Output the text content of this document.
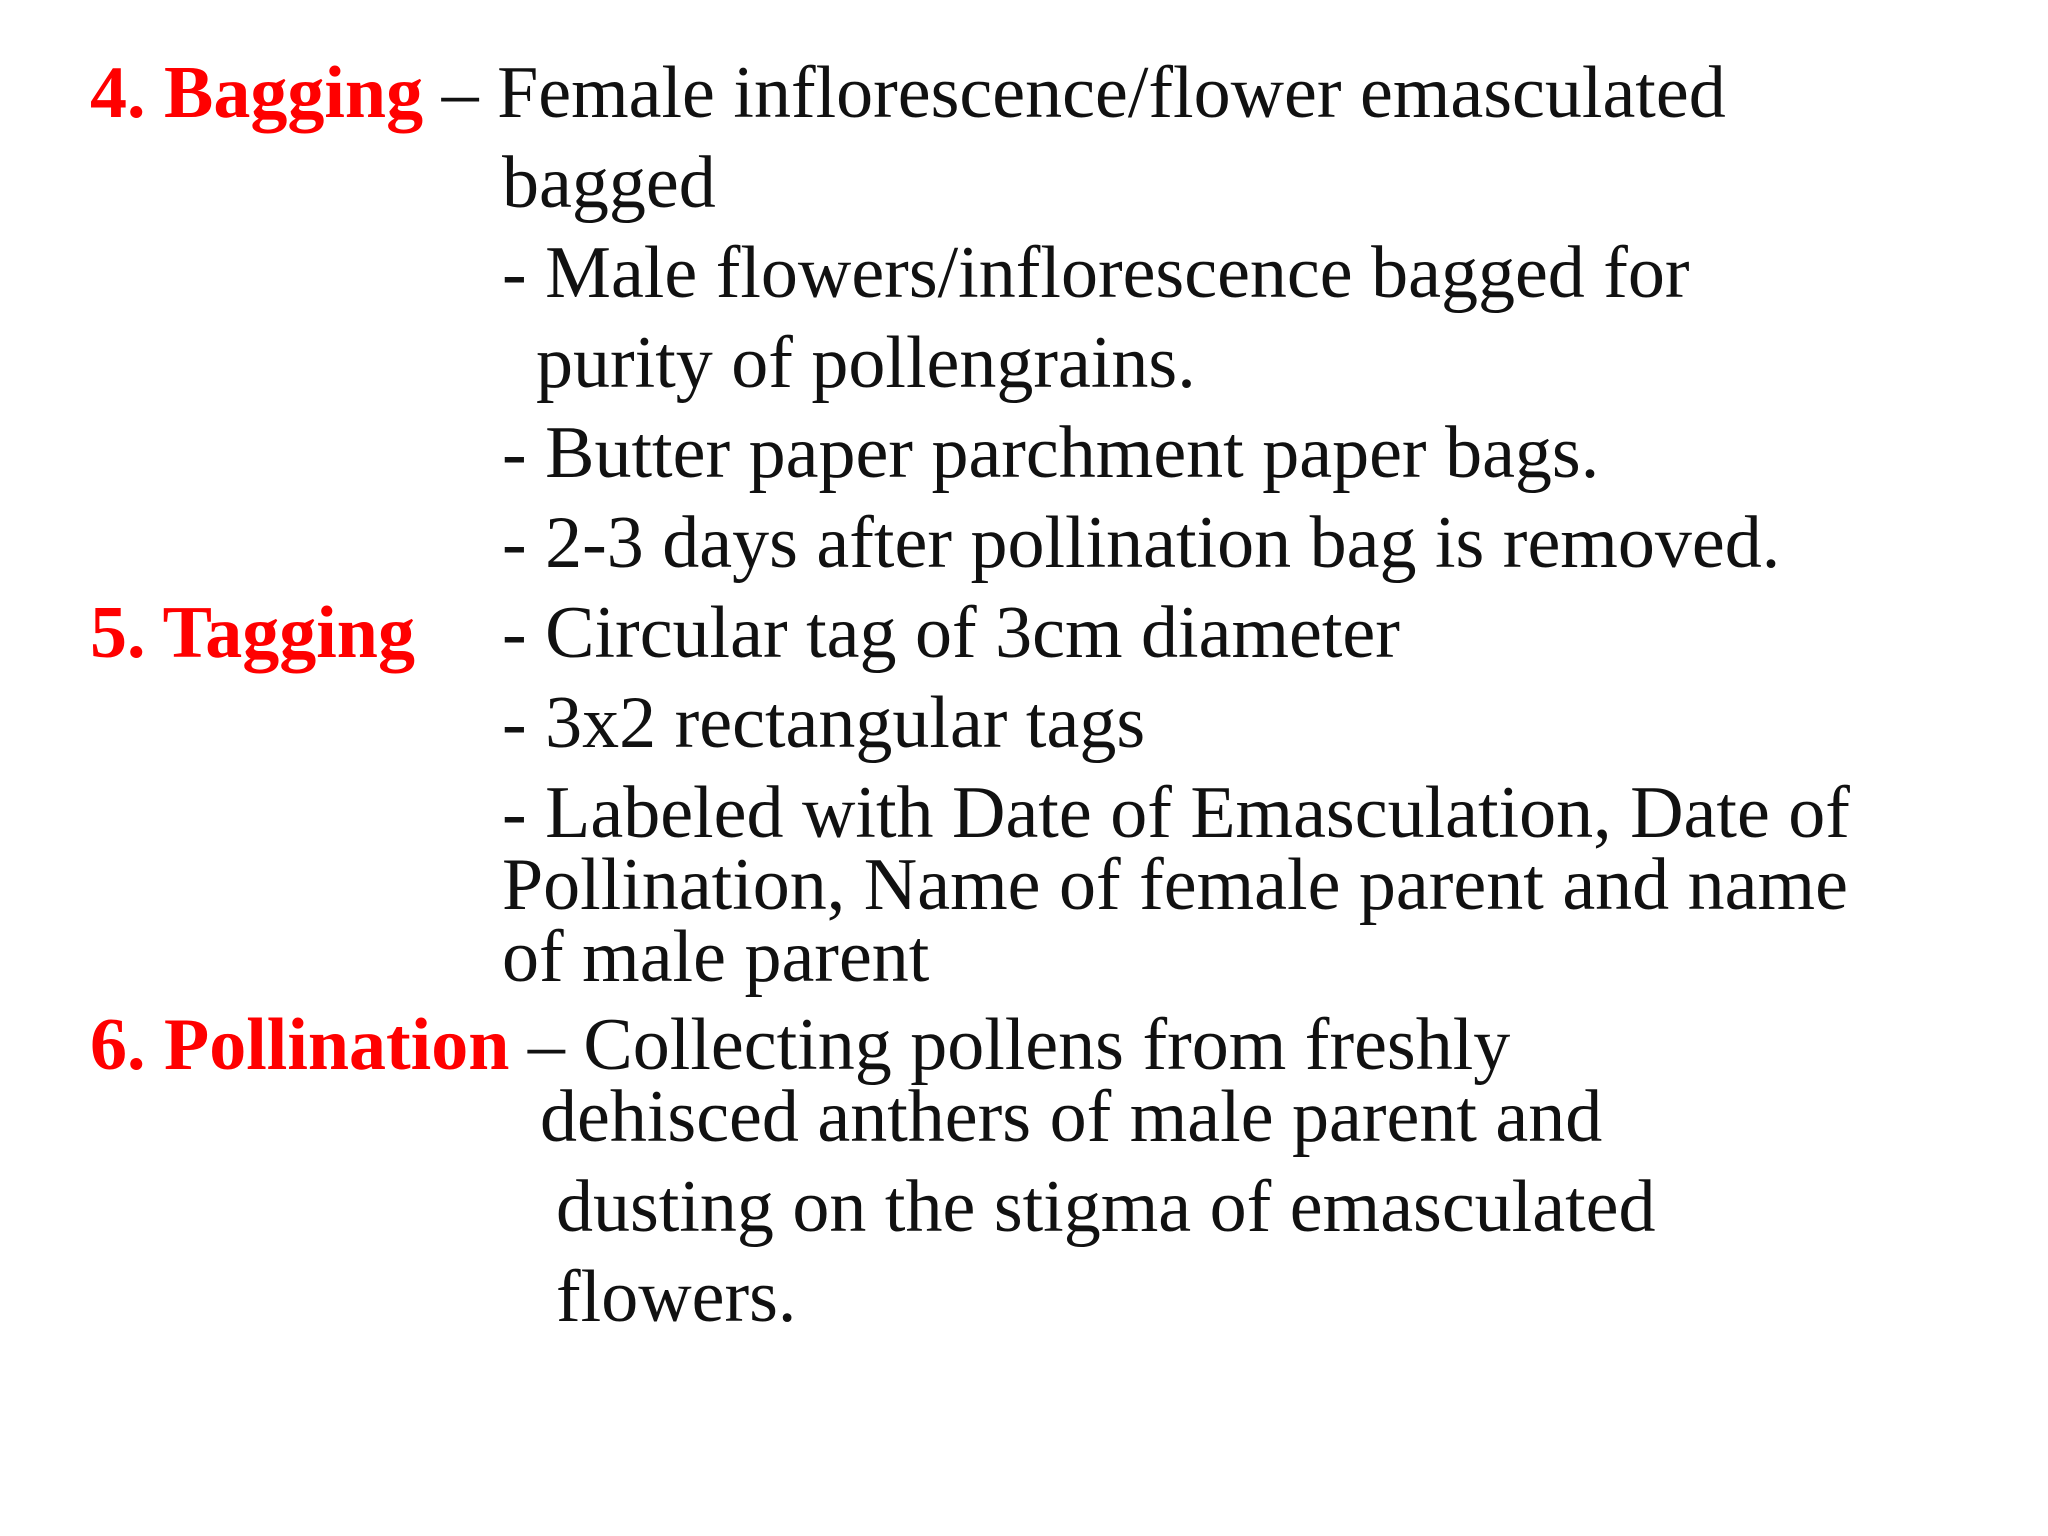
4. Bagging – Female inflorescence/flower emasculated
bagged
- Male flowers/inflorescence bagged for
purity of pollengrains.
- Butter paper parchment paper bags.
- 2-3 days after pollination bag is removed.
5. Tagging - Circular tag of 3cm diameter
- 3x2 rectangular tags
- Labeled with Date of Emasculation, Date of
Pollination, Name of female parent and name
of male parent
6. Pollination – Collecting pollens from freshly
dehisced anthers of male parent and
dusting on the stigma of emasculated
flowers.
